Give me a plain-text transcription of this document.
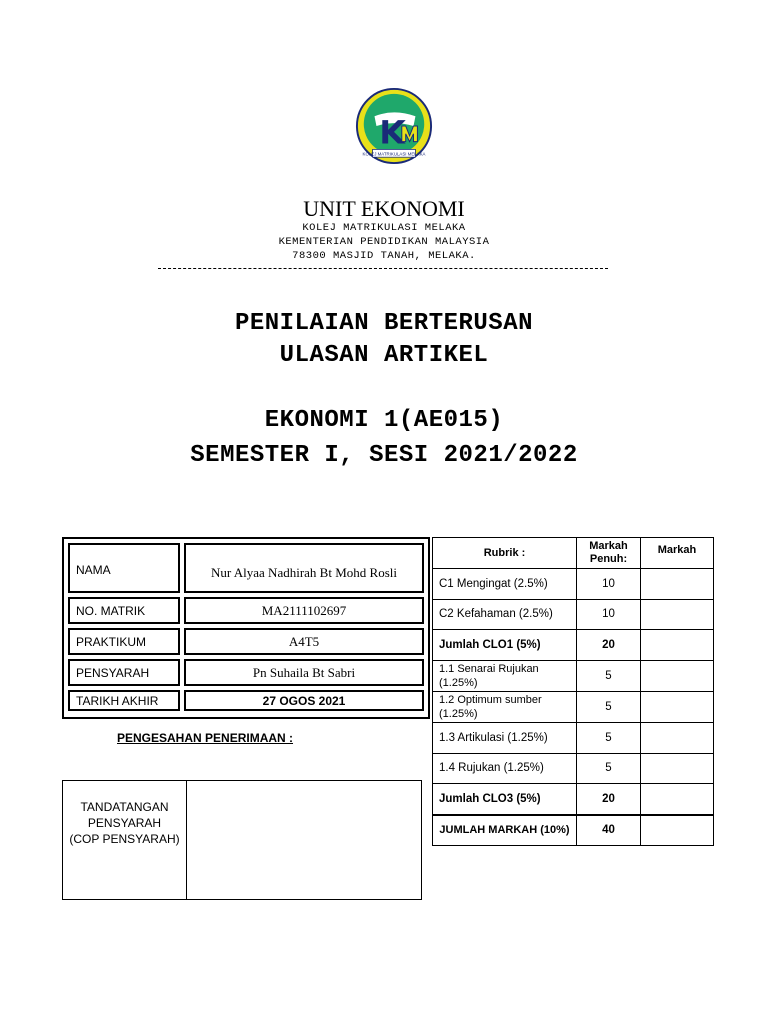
KOLEJ MATRIKULASI MELAKA
UNIT EKONOMI
KOLEJ MATRIKULASI MELAKA
KEMENTERIAN PENDIDIKAN MALAYSIA
78300 MASJID TANAH, MELAKA.
PENILAIAN BERTERUSAN
ULASAN ARTIKEL
EKONOMI 1(AE015)
SEMESTER I, SESI 2021/2022
NAMA	Nur Alyaa Nadhirah Bt Mohd Rosli
NO. MATRIK	MA2111102697
PRAKTIKUM	A4T5
PENSYARAH	Pn Suhaila Bt Sabri
TARIKH AKHIR	27 OGOS 2021
PENGESAHAN PENERIMAAN :
TANDATANGAN
PENSYARAH
(COP PENSYARAH)
Rubrik :	Markah Penuh:	Markah
C1 Mengingat (2.5%)	10	
C2 Kefahaman (2.5%)	10	
Jumlah CLO1 (5%)	20	
1.1 Senarai Rujukan (1.25%)	5	
1.2 Optimum sumber (1.25%)	5	
1.3 Artikulasi (1.25%)	5	
1.4 Rujukan (1.25%)	5	
Jumlah CLO3 (5%)	20	
JUMLAH MARKAH (10%)	40	
